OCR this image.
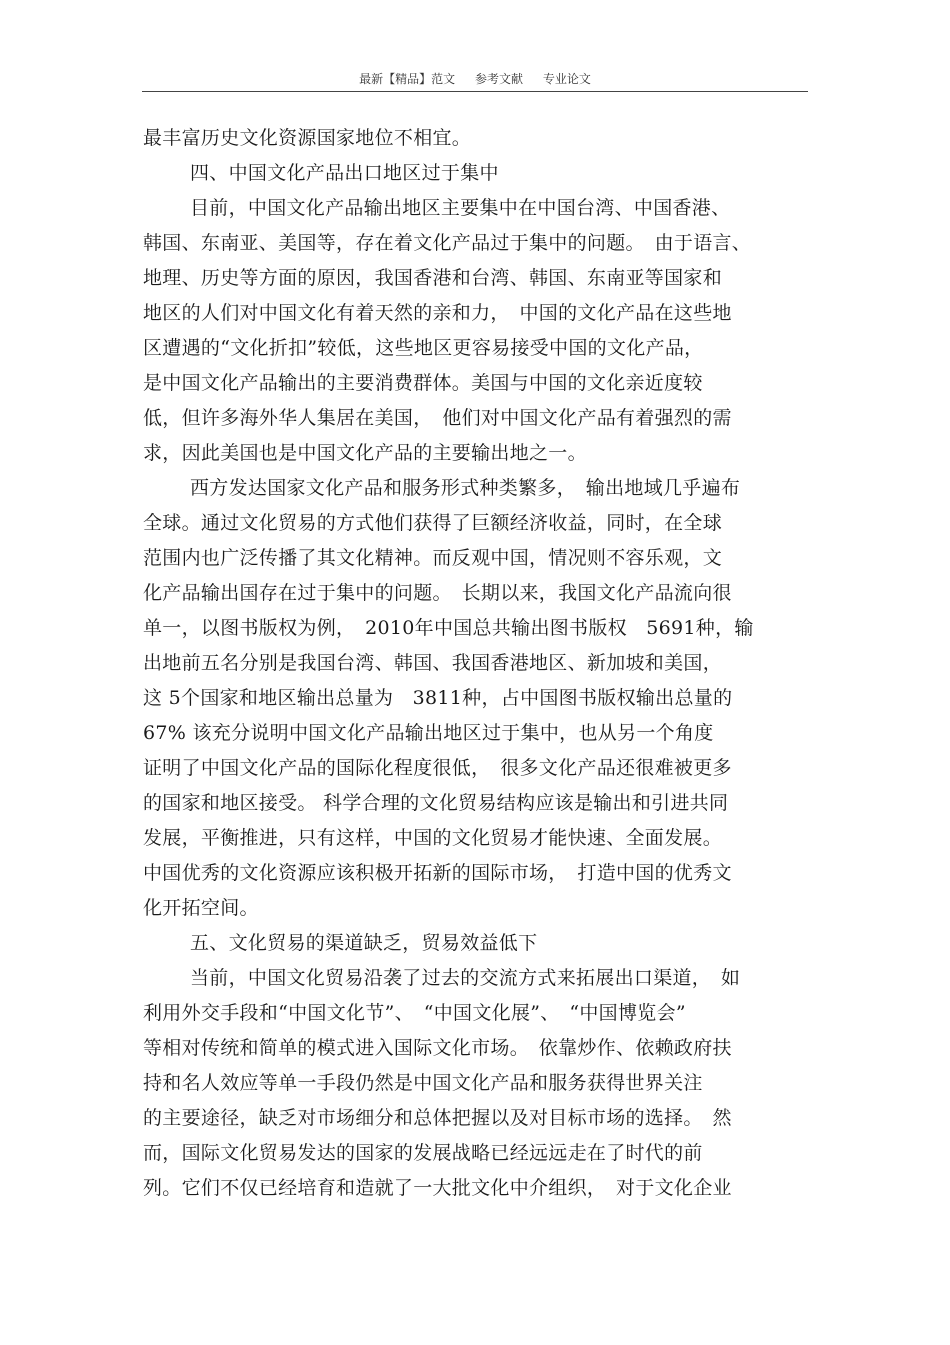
最新【精品】范文 参考文献 专业论文
最丰富历史文化资源国家地位不相宜。
四、中国文化产品出口地区过于集中
目前，中国文化产品输出地区主要集中在中国台湾、中国香港、
韩国、东南亚、美国等，存在着文化产品过于集中的问题。　由于语言、
地理、历史等方面的原因，我国香港和台湾、韩国、东南亚等国家和
地区的人们对中国文化有着天然的亲和力，　中国的文化产品在这些地
区遭遇的“文化折扣”较低，这些地区更容易接受中国的文化产品，
是中国文化产品输出的主要消费群体。美国与中国的文化亲近度较
低，但许多海外华人集居在美国，　他们对中国文化产品有着强烈的需
求，因此美国也是中国文化产品的主要输出地之一。
西方发达国家文化产品和服务形式种类繁多，　输出地域几乎遍布
全球。通过文化贸易的方式他们获得了巨额经济收益，同时，在全球
范围内也广泛传播了其文化精神。而反观中国，情况则不容乐观，文
化产品输出国存在过于集中的问题。　长期以来，我国文化产品流向很
单一，以图书版权为例，　2010年中国总共输出图书版权　5691种，输
出地前五名分别是我国台湾、韩国、我国香港地区、新加坡和美国，
这 5个国家和地区输出总量为　3811种，占中国图书版权输出总量的
67% 该充分说明中国文化产品输出地区过于集中，也从另一个角度
证明了中国文化产品的国际化程度很低，　很多文化产品还很难被更多
的国家和地区接受。 科学合理的文化贸易结构应该是输出和引进共同
发展，平衡推进，只有这样，中国的文化贸易才能快速、全面发展。
中国优秀的文化资源应该积极开拓新的国际市场，　打造中国的优秀文
化开拓空间。
五、文化贸易的渠道缺乏，贸易效益低下
当前，中国文化贸易沿袭了过去的交流方式来拓展出口渠道，　如
利用外交手段和“中国文化节”、　“中国文化展”、　“中国博览会”
等相对传统和简单的模式进入国际文化市场。　依靠炒作、依赖政府扶
持和名人效应等单一手段仍然是中国文化产品和服务获得世界关注
的主要途径，缺乏对市场细分和总体把握以及对目标市场的选择。　然
而，国际文化贸易发达的国家的发展战略已经远远走在了时代的前
列。它们不仅已经培育和造就了一大批文化中介组织，　对于文化企业
